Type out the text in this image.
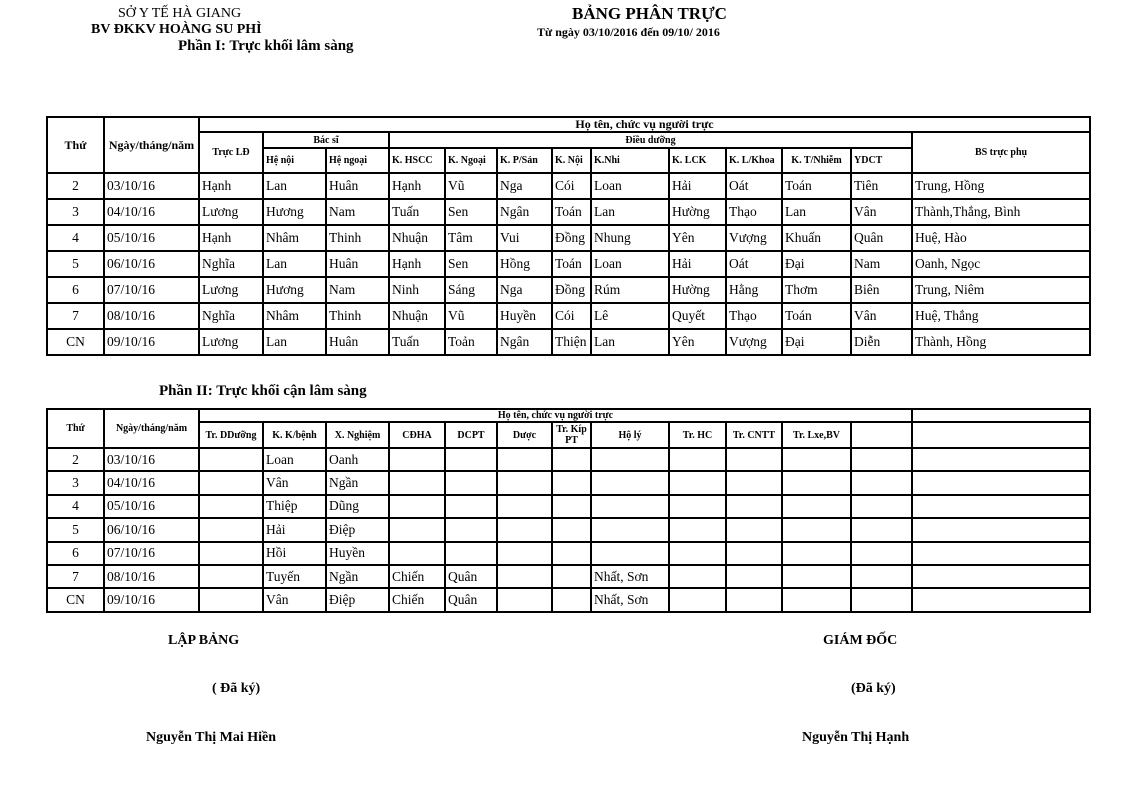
SỞ Y TẾ HÀ GIANG
BV ĐKKV HOÀNG SU PHÌ
Phần I: Trực khối lâm sàng
BẢNG PHÂN TRỰC
Từ ngày 03/10/2016 đến 09/10/ 2016
Thứ	Ngày/tháng/năm	Họ tên, chức vụ người trực												
		Trực LĐ	Bác sĩ		Điều dưỡng									BS trực phụ
			Hệ nội	Hệ ngoại	K. HSCC	K. Ngoại	K. P/Sản	K. Nội	K.Nhi	K. LCK	K. L/Khoa	K. T/Nhiễm	YDCT	
2	03/10/16	Hạnh	Lan	Huân	Hạnh	Vũ	Nga	Cói	Loan	Hải	Oát	Toán	Tiên	Trung, Hồng
3	04/10/16	Lương	Hương	Nam	Tuấn	Sen	Ngân	Toán	Lan	Hường	Thạo	Lan	Vân	Thành,Thắng, Bình
4	05/10/16	Hạnh	Nhâm	Thinh	Nhuận	Tâm	Vui	Đồng	Nhung	Yên	Vượng	Khuấn	Quân	Huệ, Hào
5	06/10/16	Nghĩa	Lan	Huân	Hạnh	Sen	Hồng	Toán	Loan	Hải	Oát	Đại	Nam	Oanh, Ngọc
6	07/10/16	Lương	Hương	Nam	Ninh	Sáng	Nga	Đồng	Rúm	Hường	Hằng	Thơm	Biên	Trung, Niêm
7	08/10/16	Nghĩa	Nhâm	Thinh	Nhuận	Vũ	Huyền	Cói	Lê	Quyết	Thạo	Toán	Vân	Huệ, Thắng
CN	09/10/16	Lương	Lan	Huân	Tuấn	Toản	Ngân	Thiện	Lan	Yên	Vượng	Đại	Diễn	Thành, Hồng
Phần II: Trực khối cận lâm sàng
Thứ	Ngày/tháng/năm	Họ tên, chức vụ người trực												
		Tr. DDưỡng	K. K/bệnh	X. Nghiệm	CĐHA	DCPT	Dược	Tr. Kíp PT	Hộ lý	Tr. HC	Tr. CNTT	Tr. Lxe,BV		
2	03/10/16		Loan	Oanh										
3	04/10/16		Vân	Ngần										
4	05/10/16		Thiệp	Dũng										
5	06/10/16		Hải	Điệp										
6	07/10/16		Hồi	Huyền										
7	08/10/16		Tuyến	Ngần	Chiến	Quân			Nhất, Sơn					
CN	09/10/16		Vân	Điệp	Chiến	Quân			Nhất, Sơn					
LẬP BẢNG
( Đã ký)
Nguyễn Thị Mai Hiền
GIÁM ĐỐC
(Đã ký)
Nguyễn Thị Hạnh
